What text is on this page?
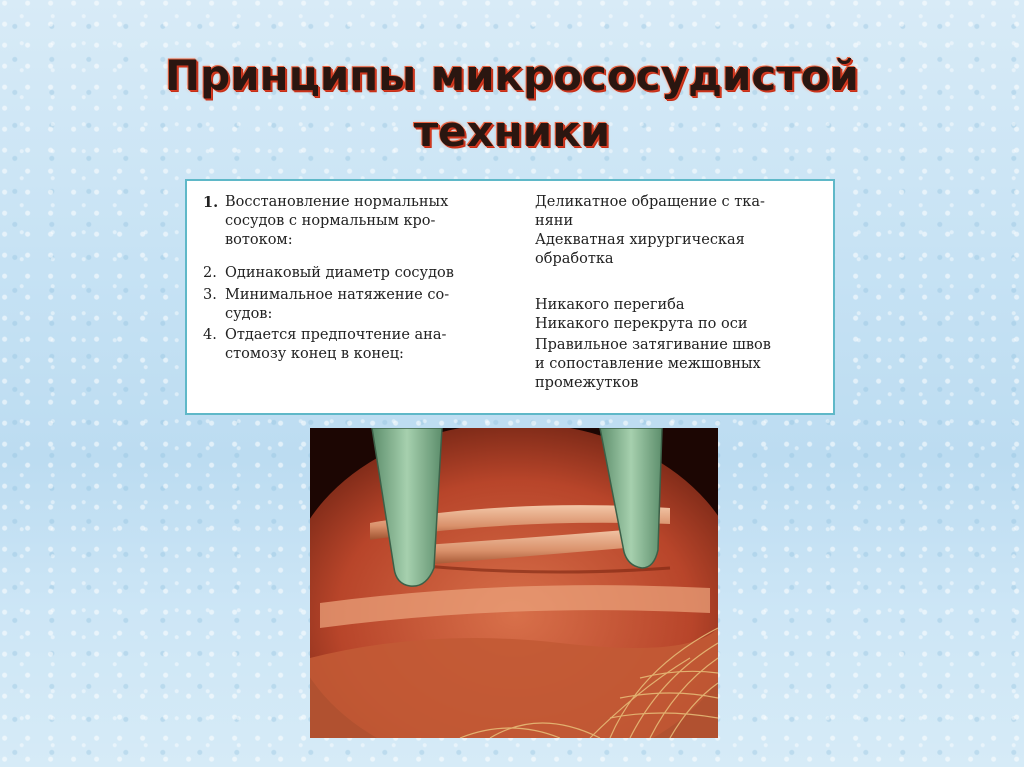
Принципы микрососудистой
техники
1. Восстановление нормальных
сосудов с нормальным кро-
вотоком:
2. Одинаковый диаметр сосудов
3. Минимальное натяжение со-
судов:
4. Отдается предпочтение ана-
стомозу конец в конец:
Деликатное обращение с тка-
няни
Адекватная хирургическая
обработка
Никакого перегиба
Никакого перекрута по оси
Правильное затягивание швов
и сопоставление межшовных
промежутков
